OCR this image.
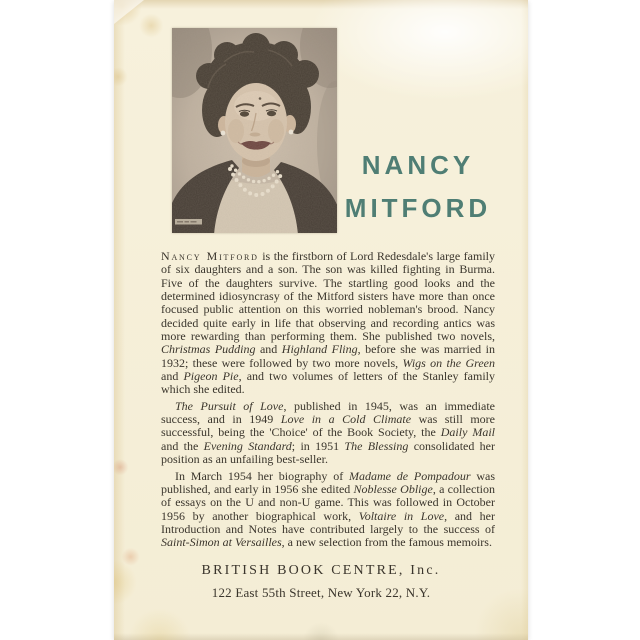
NANCY
MITFORD

Nancy Mitford is the firstborn of Lord Redesdale's large family of six daughters and a son. The son was killed fighting in Burma. Five of the daughters survive. The startling good looks and the determined idiosyncrasy of the Mitford sisters have more than once focused public attention on this worried nobleman's brood. Nancy decided quite early in life that observing and recording antics was more rewarding than performing them. She published two novels, Christmas Pudding and Highland Fling, before she was married in 1932; these were followed by two more novels, Wigs on the Green and Pigeon Pie, and two volumes of letters of the Stanley family which she edited.

The Pursuit of Love, published in 1945, was an immediate success, and in 1949 Love in a Cold Climate was still more successful, being the 'Choice' of the Book Society, the Daily Mail and the Evening Standard; in 1951 The Blessing consolidated her position as an unfailing best-seller.

In March 1954 her biography of Madame de Pompadour was published, and early in 1956 she edited Noblesse Oblige, a collection of essays on the U and non-U game. This was followed in October 1956 by another biographical work, Voltaire in Love, and her Introduction and Notes have contributed largely to the success of Saint-Simon at Versailles, a new selection from the famous memoirs.

BRITISH BOOK CENTRE, Inc.
122 East 55th Street, New York 22, N.Y.
